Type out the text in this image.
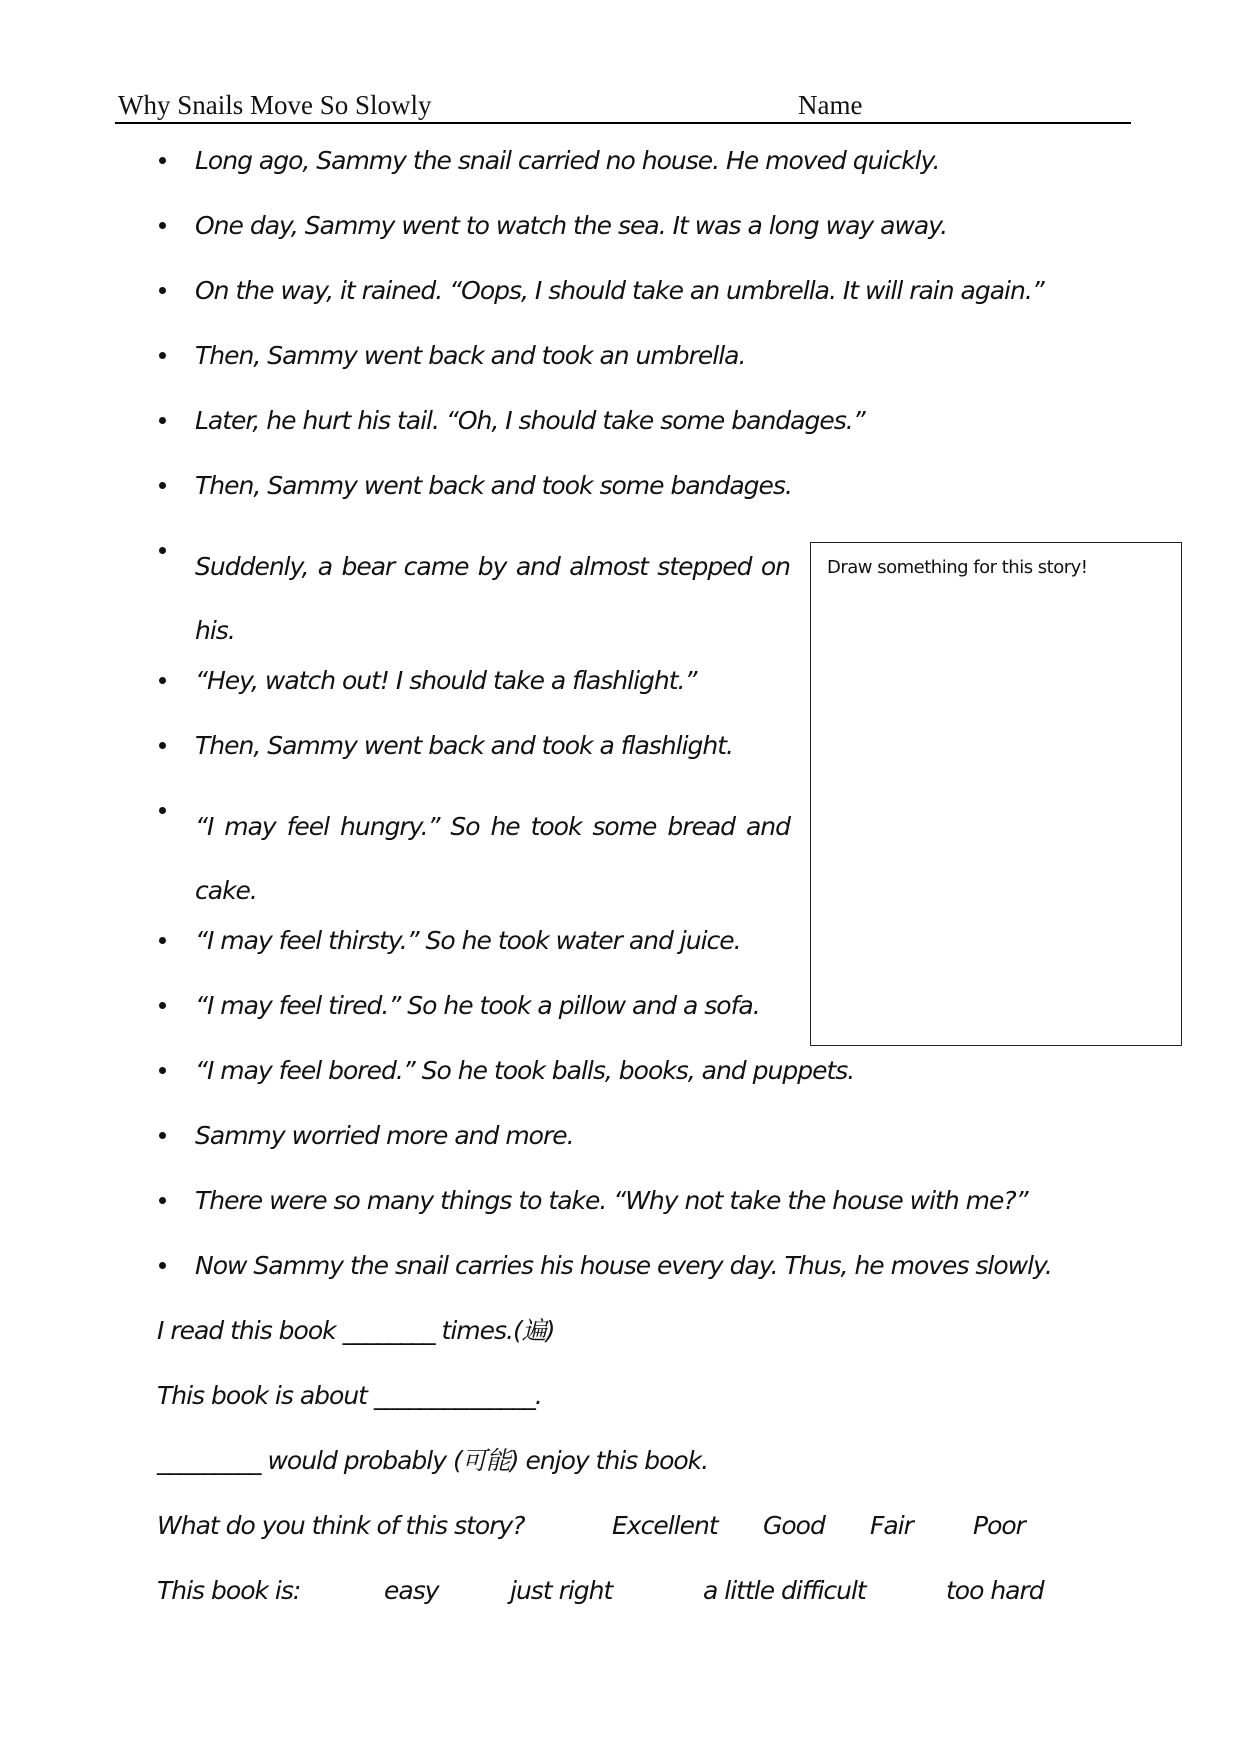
Why Snails Move So Slowly	Name
Long ago, Sammy the snail carried no house. He moved quickly.
One day, Sammy went to watch the sea. It was a long way away.
On the way, it rained. “Oops, I should take an umbrella. It will rain again.”
Then, Sammy went back and took an umbrella.
Later, he hurt his tail. “Oh, I should take some bandages.”
Then, Sammy went back and took some bandages.
Suddenly, a bear came by and almost stepped on his.
“Hey, watch out! I should take a flashlight.”
Then, Sammy went back and took a flashlight.
“I may feel hungry.” So he took some bread and cake.
“I may feel thirsty.” So he took water and juice.
“I may feel tired.” So he took a pillow and a sofa.
“I may feel bored.” So he took balls, books, and puppets.
Sammy worried more and more.
There were so many things to take. “Why not take the house with me?”
Now Sammy the snail carries his house every day. Thus, he moves slowly.
Draw something for this story!
I read this book ________ times.(遍)
This book is about ______________.
_________ would probably (可能) enjoy this book.
What do you think of this story?	Excellent Good Fair Poor
This book is:	easy	just right	a little difficult	too hard
